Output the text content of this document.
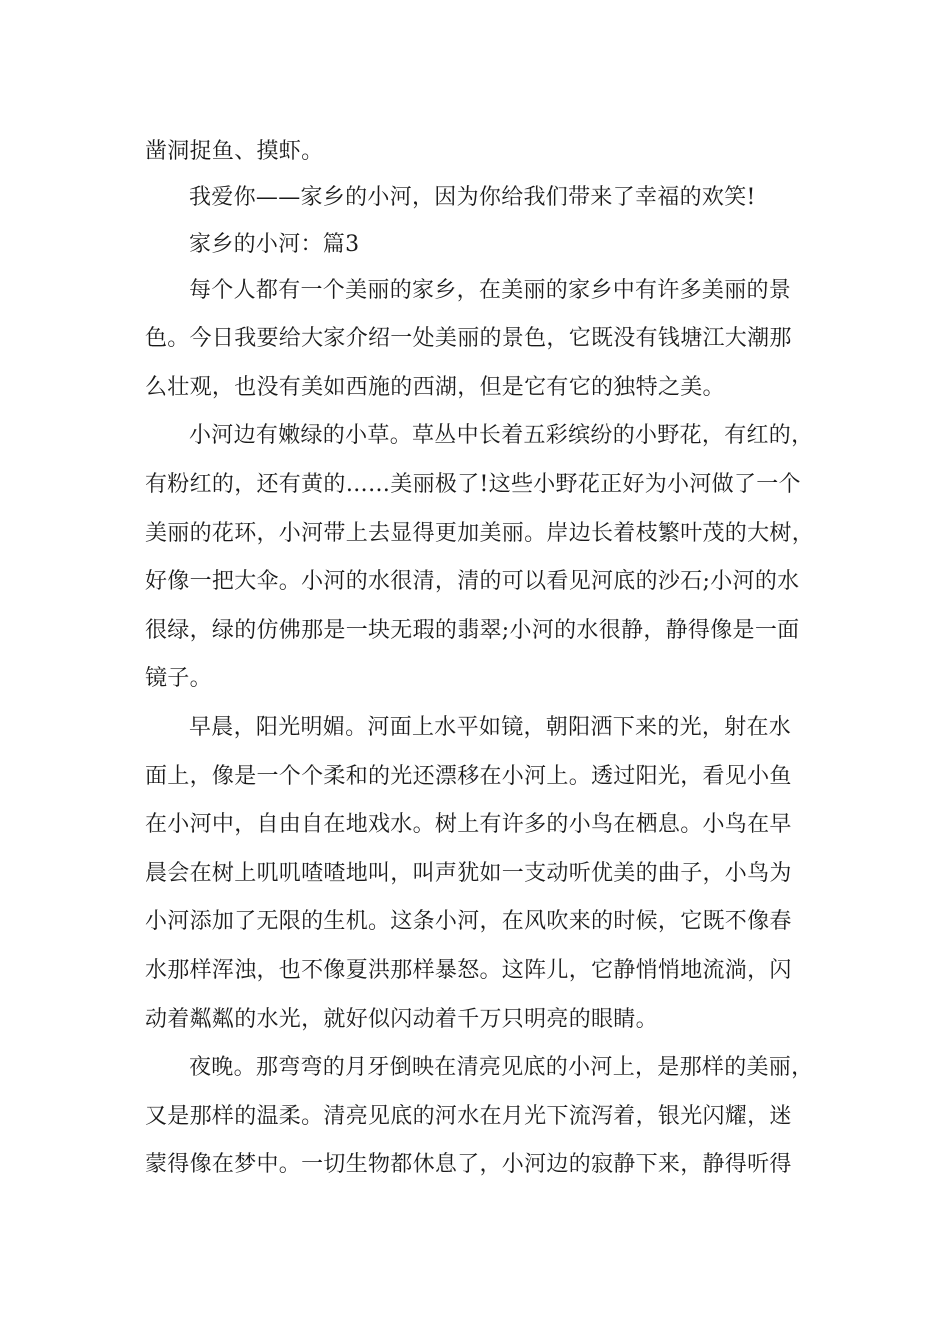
凿洞捉鱼、摸虾。
我爱你——家乡的小河，因为你给我们带来了幸福的欢笑!
家乡的小河：篇3
每个人都有一个美丽的家乡，在美丽的家乡中有许多美丽的景
色。今日我要给大家介绍一处美丽的景色，它既没有钱塘江大潮那
么壮观，也没有美如西施的西湖，但是它有它的独特之美。
小河边有嫩绿的小草。草丛中长着五彩缤纷的小野花，有红的，
有粉红的，还有黄的……美丽极了!这些小野花正好为小河做了一个
美丽的花环，小河带上去显得更加美丽。岸边长着枝繁叶茂的大树，
好像一把大伞。小河的水很清，清的可以看见河底的沙石;小河的水
很绿，绿的仿佛那是一块无瑕的翡翠;小河的水很静，静得像是一面
镜子。
早晨，阳光明媚。河面上水平如镜，朝阳洒下来的光，射在水
面上，像是一个个柔和的光还漂移在小河上。透过阳光，看见小鱼
在小河中，自由自在地戏水。树上有许多的小鸟在栖息。小鸟在早
晨会在树上叽叽喳喳地叫，叫声犹如一支动听优美的曲子，小鸟为
小河添加了无限的生机。这条小河，在风吹来的时候，它既不像春
水那样浑浊，也不像夏洪那样暴怒。这阵儿，它静悄悄地流淌，闪
动着粼粼的水光，就好似闪动着千万只明亮的眼睛。
夜晚。那弯弯的月牙倒映在清亮见底的小河上，是那样的美丽，
又是那样的温柔。清亮见底的河水在月光下流泻着，银光闪耀，迷
蒙得像在梦中。一切生物都休息了，小河边的寂静下来，静得听得
